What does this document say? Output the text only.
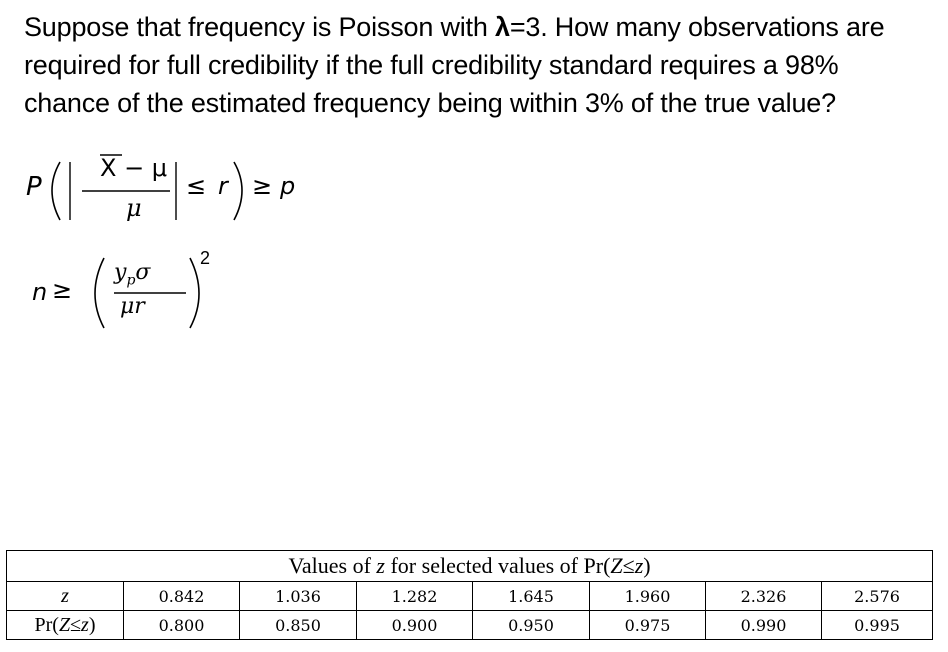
Suppose that frequency is Poisson with λ=3. How many observations are

required for full credibility if the full credibility standard requires a 98%

chance of the estimated frequency being within 3% of the true value?

P
X − μ
μ
≤ r ≥ p
n ≥
$y_p\sigma$
μr
2
Values of z for selected values of Pr(Z≤z)							
z	0.842	1.036	1.282	1.645	1.960	2.326	2.576
Pr(Z≤z)	0.800	0.850	0.900	0.950	0.975	0.990	0.995
